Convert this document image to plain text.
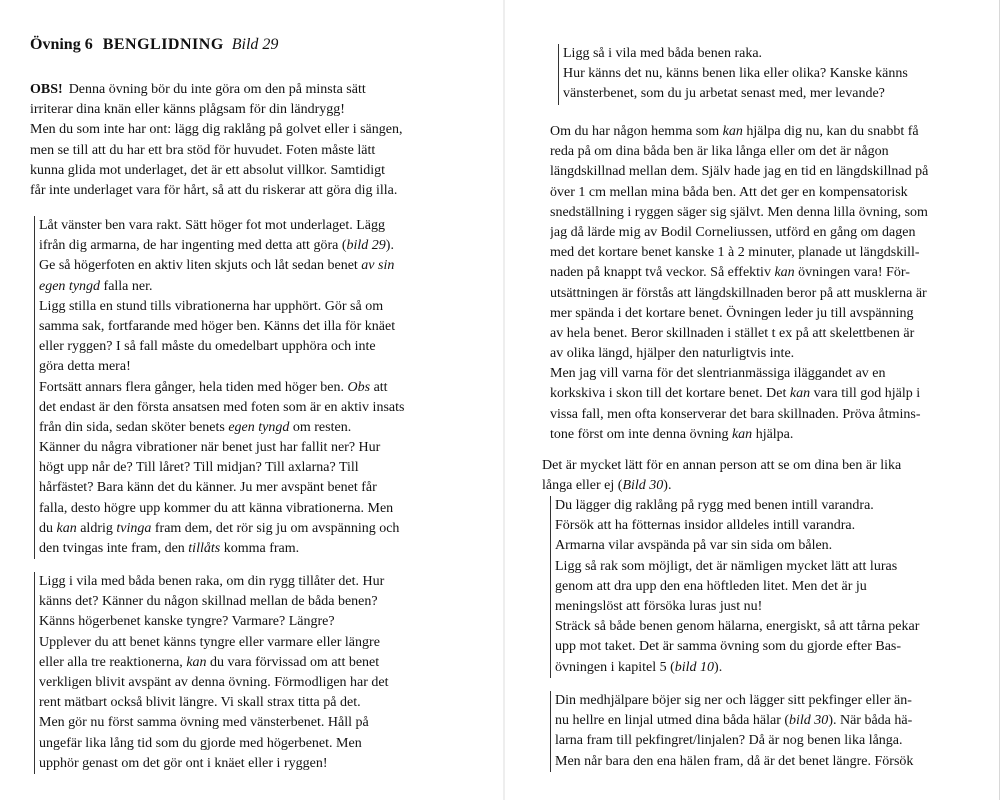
Övning 6 BENGLIDNING Bild 29
OBS! Denna övning bör du inte göra om den på minsta sätt
irriterar dina knän eller känns plågsam för din ländrygg!
Men du som inte har ont: lägg dig raklång på golvet eller i sängen,
men se till att du har ett bra stöd för huvudet. Foten måste lätt
kunna glida mot underlaget, det är ett absolut villkor. Samtidigt
får inte underlaget vara för hårt, så att du riskerar att göra dig illa.
Låt vänster ben vara rakt. Sätt höger fot mot underlaget. Lägg
ifrån dig armarna, de har ingenting med detta att göra (bild 29).
Ge så högerfoten en aktiv liten skjuts och låt sedan benet av sin
egen tyngd falla ner.
Ligg stilla en stund tills vibrationerna har upphört. Gör så om
samma sak, fortfarande med höger ben. Känns det illa för knäet
eller ryggen? I så fall måste du omedelbart upphöra och inte
göra detta mera!
Fortsätt annars flera gånger, hela tiden med höger ben. Obs att
det endast är den första ansatsen med foten som är en aktiv insats
från din sida, sedan sköter benets egen tyngd om resten.
Känner du några vibrationer när benet just har fallit ner? Hur
högt upp når de? Till låret? Till midjan? Till axlarna? Till
hårfästet? Bara känn det du känner. Ju mer avspänt benet får
falla, desto högre upp kommer du att känna vibrationerna. Men
du kan aldrig tvinga fram dem, det rör sig ju om avspänning och
den tvingas inte fram, den tillåts komma fram.
Ligg i vila med båda benen raka, om din rygg tillåter det. Hur
känns det? Känner du någon skillnad mellan de båda benen?
Känns högerbenet kanske tyngre? Varmare? Längre?
Upplever du att benet känns tyngre eller varmare eller längre
eller alla tre reaktionerna, kan du vara förvissad om att benet
verkligen blivit avspänt av denna övning. Förmodligen har det
rent mätbart också blivit längre. Vi skall strax titta på det.
Men gör nu först samma övning med vänsterbenet. Håll på
ungefär lika lång tid som du gjorde med högerbenet. Men
upphör genast om det gör ont i knäet eller i ryggen!
Ligg så i vila med båda benen raka.
Hur känns det nu, känns benen lika eller olika? Kanske känns
vänsterbenet, som du ju arbetat senast med, mer levande?
Om du har någon hemma som kan hjälpa dig nu, kan du snabbt få
reda på om dina båda ben är lika långa eller om det är någon
längdskillnad mellan dem. Själv hade jag en tid en längdskillnad på
över 1 cm mellan mina båda ben. Att det ger en kompensatorisk
snedställning i ryggen säger sig självt. Men denna lilla övning, som
jag då lärde mig av Bodil Corneliussen, utförd en gång om dagen
med det kortare benet kanske 1 à 2 minuter, planade ut längdskill-
naden på knappt två veckor. Så effektiv kan övningen vara! För-
utsättningen är förstås att längdskillnaden beror på att musklerna är
mer spända i det kortare benet. Övningen leder ju till avspänning
av hela benet. Beror skillnaden i stället t ex på att skelettbenen är
av olika längd, hjälper den naturligtvis inte.
Men jag vill varna för det slentrianmässiga iläggandet av en
korkskiva i skon till det kortare benet. Det kan vara till god hjälp i
vissa fall, men ofta konserverar det bara skillnaden. Pröva åtmins-
tone först om inte denna övning kan hjälpa.
Det är mycket lätt för en annan person att se om dina ben är lika
långa eller ej (Bild 30).
Du lägger dig raklång på rygg med benen intill varandra.
Försök att ha fötternas insidor alldeles intill varandra.
Armarna vilar avspända på var sin sida om bålen.
Ligg så rak som möjligt, det är nämligen mycket lätt att luras
genom att dra upp den ena höftleden litet. Men det är ju
meningslöst att försöka luras just nu!
Sträck så både benen genom hälarna, energiskt, så att tårna pekar
upp mot taket. Det är samma övning som du gjorde efter Bas-
övningen i kapitel 5 (bild 10).
Din medhjälpare böjer sig ner och lägger sitt pekfinger eller än-
nu hellre en linjal utmed dina båda hälar (bild 30). När båda hä-
larna fram till pekfingret/linjalen? Då är nog benen lika långa.
Men når bara den ena hälen fram, då är det benet längre. Försök
